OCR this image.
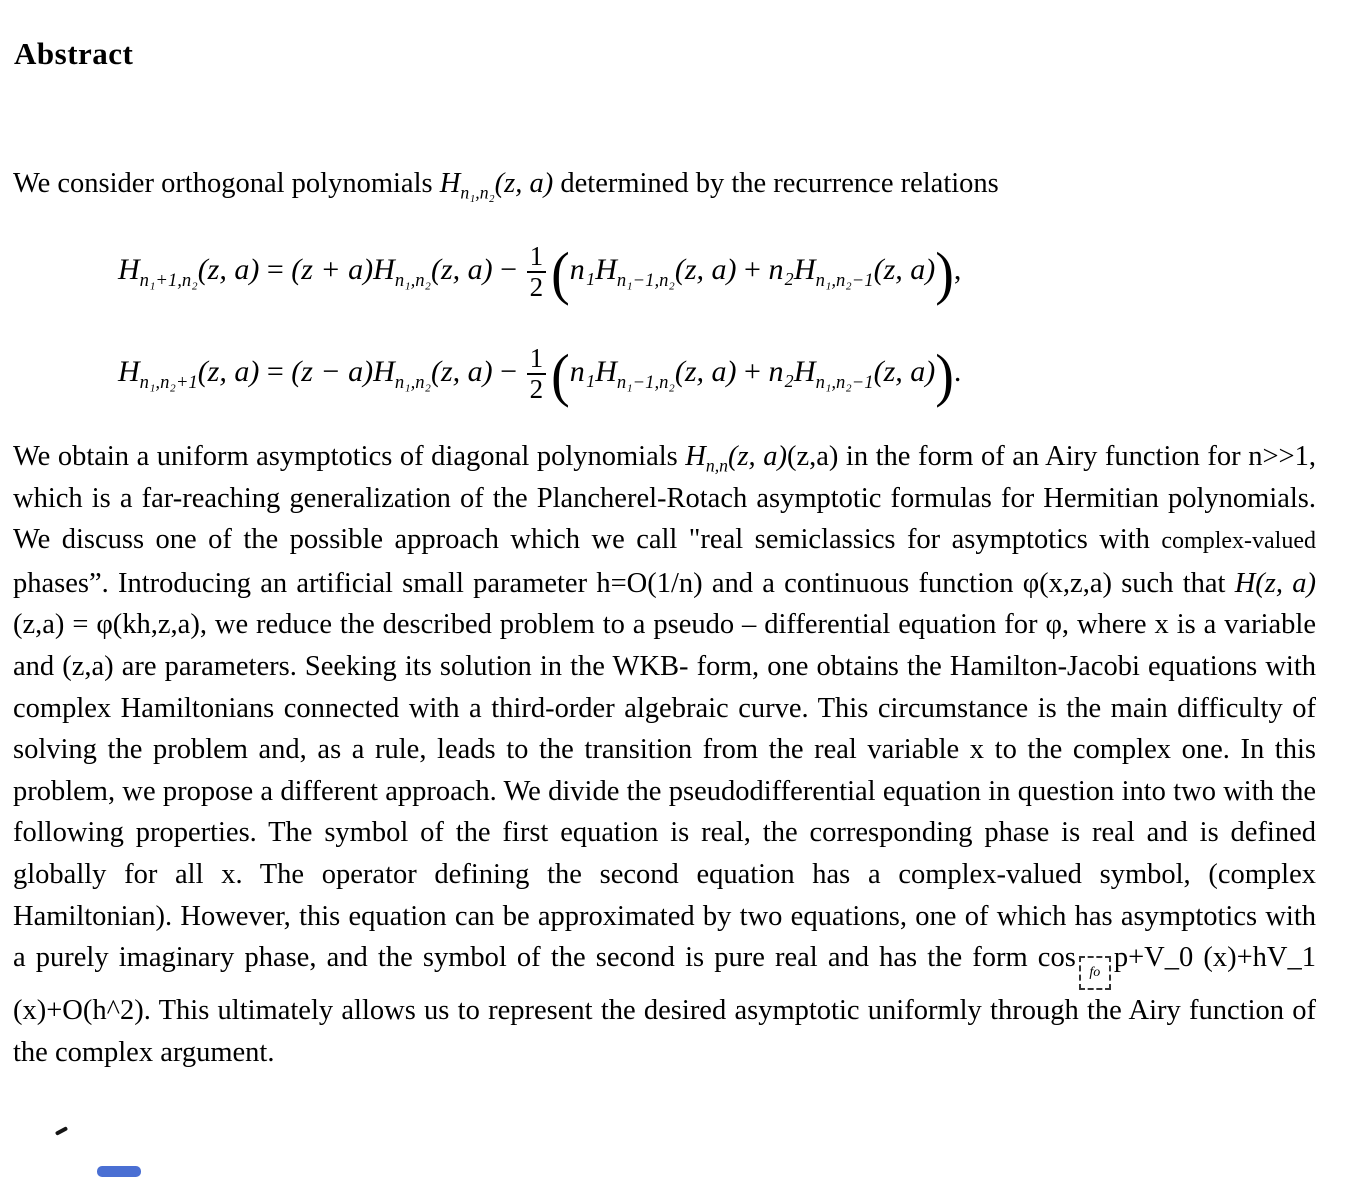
Abstract
We consider orthogonal polynomials $H_{n_1,n_2}(z$, a) determined by the recurrence relations
$H_{n_1+1,n_2}(z$, $a) = (z + a)H_{n_1,n_2}(z$, $a) - \frac{1}{2} (n_1H_{n_1-1,n_2}(z$, $a) + n_2H_{n_1,n_2-1}(z$, a)),
$H_{n_1,n_2+1}(z$, $a) = (z - a)H_{n_1,n_2}(z$, $a) - \frac{1}{2} (n_1H_{n_1-1,n_2}(z$, $a) + n_2H_{n_1,n_2-1}(z$, a)).
We obtain a uniform asymptotics of diagonal polynomials $H_{n,n}(z$, a)(z,a) in the form of an Airy function for n>>1, which is a far-reaching generalization of the Plancherel-Rotach asymptotic formulas for Hermitian polynomials. We discuss one of the possible approach which we call "real semiclassics for asymptotics with complex-valued phases”. Introducing an artificial small parameter h=O(1/n) and a continuous function φ(x,z,a) such that H(z, a)(z,a) = φ(kh,z,a), we reduce the described problem to a pseudo – differential equation for φ, where x is a variable and (z,a) are parameters. Seeking its solution in the WKB- form, one obtains the Hamilton-Jacobi equations with complex Hamiltonians connected with a third-order algebraic curve. This circumstance is the main difficulty of solving the problem and, as a rule, leads to the transition from the real variable x to the complex one. In this problem, we propose a different approach. We divide the pseudodifferential equation in question into two with the following properties. The symbol of the first equation is real, the corresponding phase is real and is defined globally for all x. The operator defining the second equation has a complex-valued symbol, (complex Hamiltonian). However, this equation can be approximated by two equations, one of which has asymptotics with a purely imaginary phase, and the symbol of the second is pure real and has the form cos fo p+V_0 (x)+hV_1 (x)+O(h^2). This ultimately allows us to represent the desired asymptotic uniformly through the Airy function of the complex argument.
